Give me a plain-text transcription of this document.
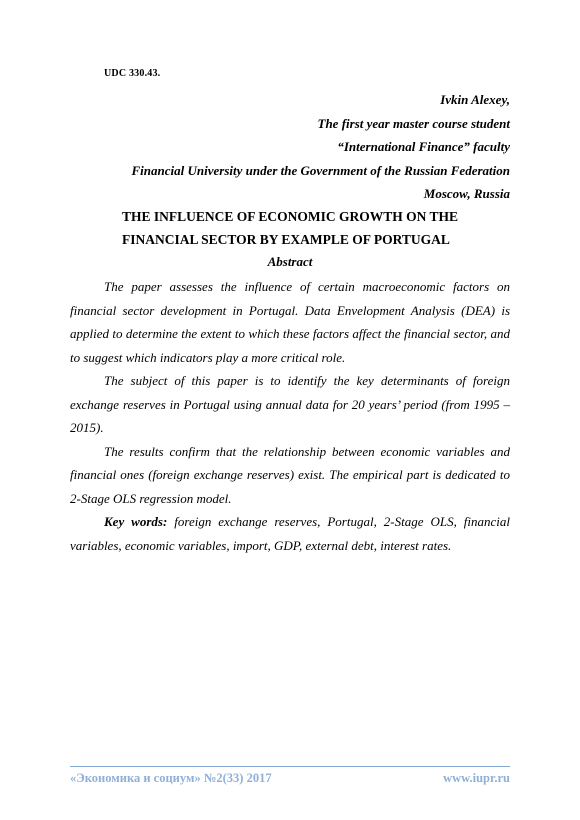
UDC 330.43.
Ivkin Alexey,
The first year master course student
“International Finance” faculty
Financial University under the Government of the Russian Federation
Moscow, Russia
THE INFLUENCE OF ECONOMIC GROWTH ON THE
FINANCIAL SECTOR BY EXAMPLE OF PORTUGAL
Abstract

The paper assesses the influence of certain macroeconomic factors on financial sector development in Portugal. Data Envelopment Analysis (DEA) is applied to determine the extent to which these factors affect the financial sector, and to suggest which indicators play a more critical role.

The subject of this paper is to identify the key determinants of foreign exchange reserves in Portugal using annual data for 20 years’ period (from 1995 – 2015).

The results confirm that the relationship between economic variables and financial ones (foreign exchange reserves) exist. The empirical part is dedicated to 2-Stage OLS regression model.

Key words: foreign exchange reserves, Portugal, 2-Stage OLS, financial variables, economic variables, import, GDP, external debt, interest rates.

«Экономика и социум» №2(33) 2017	www.iupr.ru
